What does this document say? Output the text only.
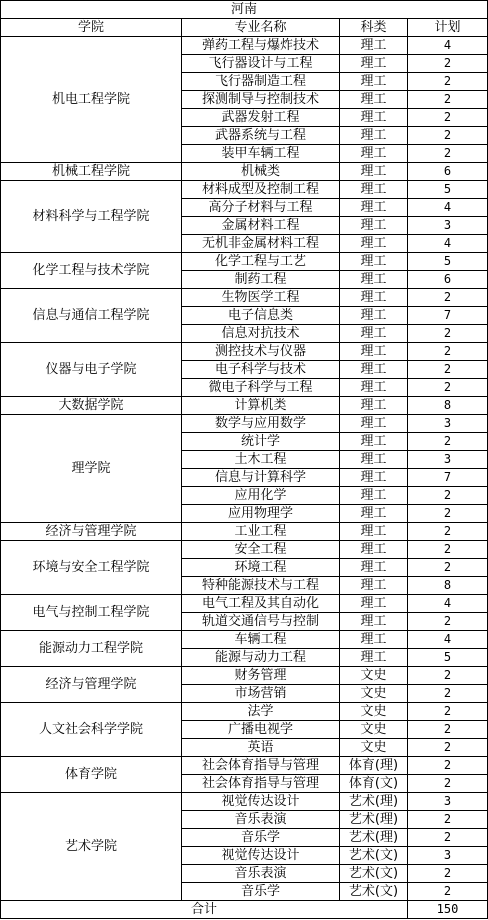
河南			
学院	专业名称	科类	计划
机电工程学院	弹药工程与爆炸技术	理工	4
	飞行器设计与工程	理工	2
	飞行器制造工程	理工	2
	探测制导与控制技术	理工	2
	武器发射工程	理工	2
	武器系统与工程	理工	2
	装甲车辆工程	理工	2
机械工程学院	机械类	理工	6
材料科学与工程学院	材料成型及控制工程	理工	5
	高分子材料与工程	理工	4
	金属材料工程	理工	3
	无机非金属材料工程	理工	4
化学工程与技术学院	化学工程与工艺	理工	5
	制药工程	理工	6
信息与通信工程学院	生物医学工程	理工	2
	电子信息类	理工	7
	信息对抗技术	理工	2
仪器与电子学院	测控技术与仪器	理工	2
	电子科学与技术	理工	2
	微电子科学与工程	理工	2
大数据学院	计算机类	理工	8
理学院	数学与应用数学	理工	3
	统计学	理工	2
	土木工程	理工	3
	信息与计算科学	理工	7
	应用化学	理工	2
	应用物理学	理工	2
经济与管理学院	工业工程	理工	2
环境与安全工程学院	安全工程	理工	2
	环境工程	理工	2
	特种能源技术与工程	理工	8
电气与控制工程学院	电气工程及其自动化	理工	4
	轨道交通信号与控制	理工	2
能源动力工程学院	车辆工程	理工	4
	能源与动力工程	理工	5
经济与管理学院	财务管理	文史	2
	市场营销	文史	2
人文社会科学学院	法学	文史	2
	广播电视学	文史	2
	英语	文史	2
体育学院	社会体育指导与管理	体育(理)	2
	社会体育指导与管理	体育(文)	2
艺术学院	视觉传达设计	艺术(理)	3
	音乐表演	艺术(理)	2
	音乐学	艺术(理)	2
	视觉传达设计	艺术(文)	3
	音乐表演	艺术(文)	2
	音乐学	艺术(文)	2
合计			150
